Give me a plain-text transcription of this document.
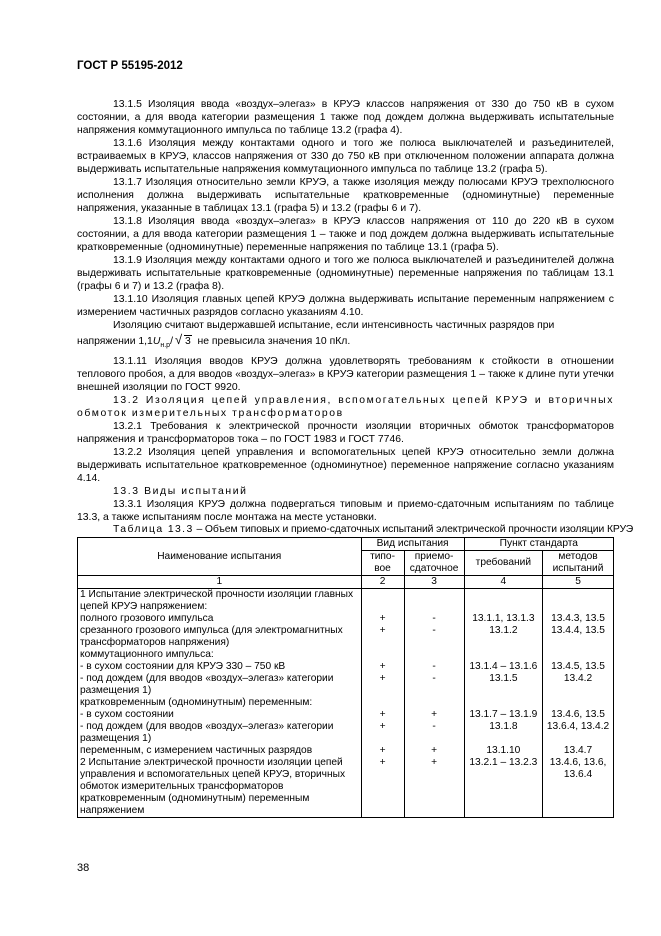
ГОСТ Р 55195-2012

13.1.5 Изоляция ввода «воздух–элегаз» в КРУЭ классов напряжения от 330 до 750 кВ в сухом состоянии, а для ввода категории размещения 1 также под дождем должна выдерживать испытательные напряжения коммутационного импульса по таблице 13.2 (графа 4).

13.1.6 Изоляция между контактами одного и того же полюса выключателей и разъединителей, встраиваемых в КРУЭ, классов напряжения от 330 до 750 кВ при отключенном положении аппарата должна выдерживать испытательные напряжения коммутационного импульса по таблице 13.2 (графа 5).

13.1.7 Изоляция относительно земли КРУЭ, а также изоляция между полюсами КРУЭ трехполюсного исполнения должна выдерживать испытательные кратковременные (одноминутные) переменные напряжения, указанные в таблицах 13.1 (графа 5) и 13.2 (графы 6 и 7).

13.1.8 Изоляция ввода «воздух–элегаз» в КРУЭ классов напряжения от 110 до 220 кВ в сухом состоянии, а для ввода категории размещения 1 – также и под дождем должна выдерживать испытательные кратковременные (одноминутные) переменные напряжения по таблице 13.1 (графа 5).

13.1.9 Изоляция между контактами одного и того же полюса выключателей и разъединителей должна выдерживать испытательные кратковременные (одноминутные) переменные напряжения по таблицам 13.1 (графы 6 и 7) и 13.2 (графа 8).

13.1.10 Изоляция главных цепей КРУЭ должна выдерживать испытание переменным напряжением с измерением частичных разрядов согласно указаниям 4.10.

Изоляцию считают выдержавшей испытание, если интенсивность частичных разрядов при

напряжении $1,1U_{н.р}/$ √ 3 не превысила значения 10 пКл.

13.1.11 Изоляция вводов КРУЭ должна удовлетворять требованиям к стойкости в отношении теплового пробоя, а для вводов «воздух–элегаз» в КРУЭ категории размещения 1 – также к длине пути утечки внешней изоляции по ГОСТ 9920.

13.2 Изоляция цепей управления, вспомогательных цепей КРУЭ и вторичных обмоток измерительных трансформаторов

13.2.1 Требования к электрической прочности изоляции вторичных обмоток трансформаторов напряжения и трансформаторов тока – по ГОСТ 1983 и ГОСТ 7746.

13.2.2 Изоляция цепей управления и вспомогательных цепей КРУЭ относительно земли должна выдерживать испытательное кратковременное (одноминутное) переменное напряжение согласно указаниям 4.14.

13.3 Виды испытаний

13.3.1 Изоляция КРУЭ должна подвергаться типовым и приемо-сдаточным испытаниям по таблице 13.3, а также испытаниям после монтажа на месте установки.

Таблица 13.3 – Объем типовых и приемо-сдаточных испытаний электрической прочности изоляции КРУЭ

Наименование испытания	Вид испытания		Пункт стандарта	
	типо-вое	приемо-сдаточное	требований	методов испытаний
1	2	3	4	5
1 Испытание электрической прочности изоляции главных цепей КРУЭ напряжением:				
полного грозового импульса	+	-	13.1.1, 13.1.3	13.4.3, 13.5
срезанного грозового импульса (для электромагнитных трансформаторов напряжения)	+	-	13.1.2	13.4.4, 13.5
коммутационного импульса:				
- в сухом состоянии для КРУЭ 330 – 750 кВ	+	-	13.1.4 – 13.1.6	13.4.5, 13.5
- под дождем (для вводов «воздух–элегаз» категории размещения 1)	+	-	13.1.5	13.4.2
кратковременным (одноминутным) переменным:				
- в сухом состоянии	+	+	13.1.7 – 13.1.9	13.4.6, 13.5
- под дождем (для вводов «воздух–элегаз» категории размещения 1)	+	-	13.1.8	13.6.4, 13.4.2
переменным, с измерением частичных разрядов	+	+	13.1.10	13.4.7
2 Испытание электрической прочности изоляции цепей управления и вспомогательных цепей КРУЭ, вторичных обмоток измерительных трансформаторов кратковременным (одноминутным) переменным напряжением	+	+	13.2.1 – 13.2.3	13.4.6, 13.6, 13.6.4
38
